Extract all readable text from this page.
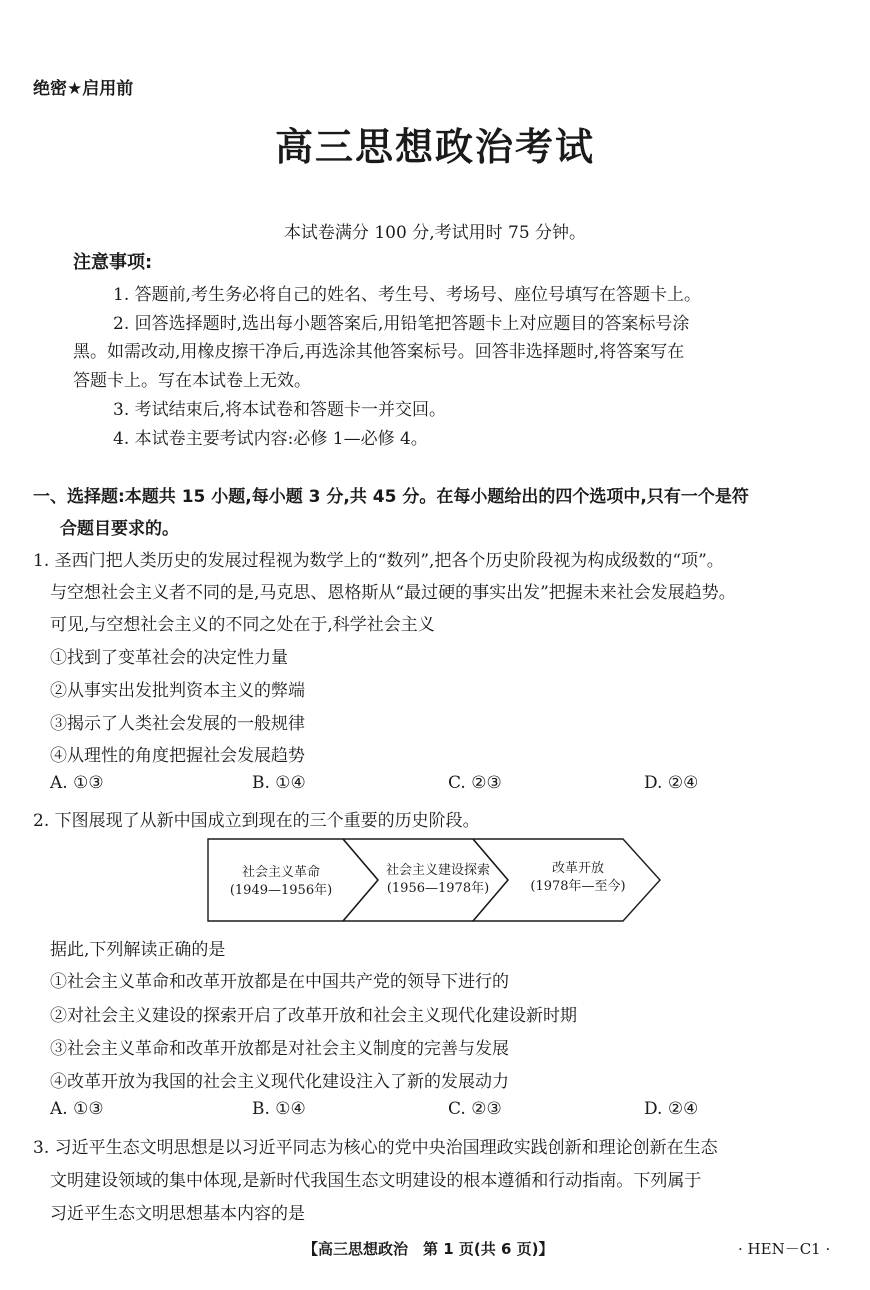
绝密★启用前
高三思想政治考试
本试卷满分 100 分,考试用时 75 分钟。
注意事项:
1. 答题前,考生务必将自己的姓名、考生号、考场号、座位号填写在答题卡上。
2. 回答选择题时,选出每小题答案后,用铅笔把答题卡上对应题目的答案标号涂
黑。如需改动,用橡皮擦干净后,再选涂其他答案标号。回答非选择题时,将答案写在
答题卡上。写在本试卷上无效。
3. 考试结束后,将本试卷和答题卡一并交回。
4. 本试卷主要考试内容:必修 1—必修 4。
一、选择题:本题共 15 小题,每小题 3 分,共 45 分。在每小题给出的四个选项中,只有一个是符
合题目要求的。
1. 圣西门把人类历史的发展过程视为数学上的“数列”,把各个历史阶段视为构成级数的“项”。
与空想社会主义者不同的是,马克思、恩格斯从“最过硬的事实出发”把握未来社会发展趋势。
可见,与空想社会主义的不同之处在于,科学社会主义
①找到了变革社会的决定性力量
②从事实出发批判资本主义的弊端
③揭示了人类社会发展的一般规律
④从理性的角度把握社会发展趋势
A. ①③	B. ①④	C. ②③	D. ②④
2. 下图展现了从新中国成立到现在的三个重要的历史阶段。
社会主义革命
(1949—1956年)
社会主义建设探索
(1956—1978年)
改革开放
(1978年—至今)
据此,下列解读正确的是
①社会主义革命和改革开放都是在中国共产党的领导下进行的
②对社会主义建设的探索开启了改革开放和社会主义现代化建设新时期
③社会主义革命和改革开放都是对社会主义制度的完善与发展
④改革开放为我国的社会主义现代化建设注入了新的发展动力
A. ①③	B. ①④	C. ②③	D. ②④
3. 习近平生态文明思想是以习近平同志为核心的党中央治国理政实践创新和理论创新在生态
文明建设领域的集中体现,是新时代我国生态文明建设的根本遵循和行动指南。下列属于
习近平生态文明思想基本内容的是
【高三思想政治　第 1 页(共 6 页)】	· HEN－C1 ·
